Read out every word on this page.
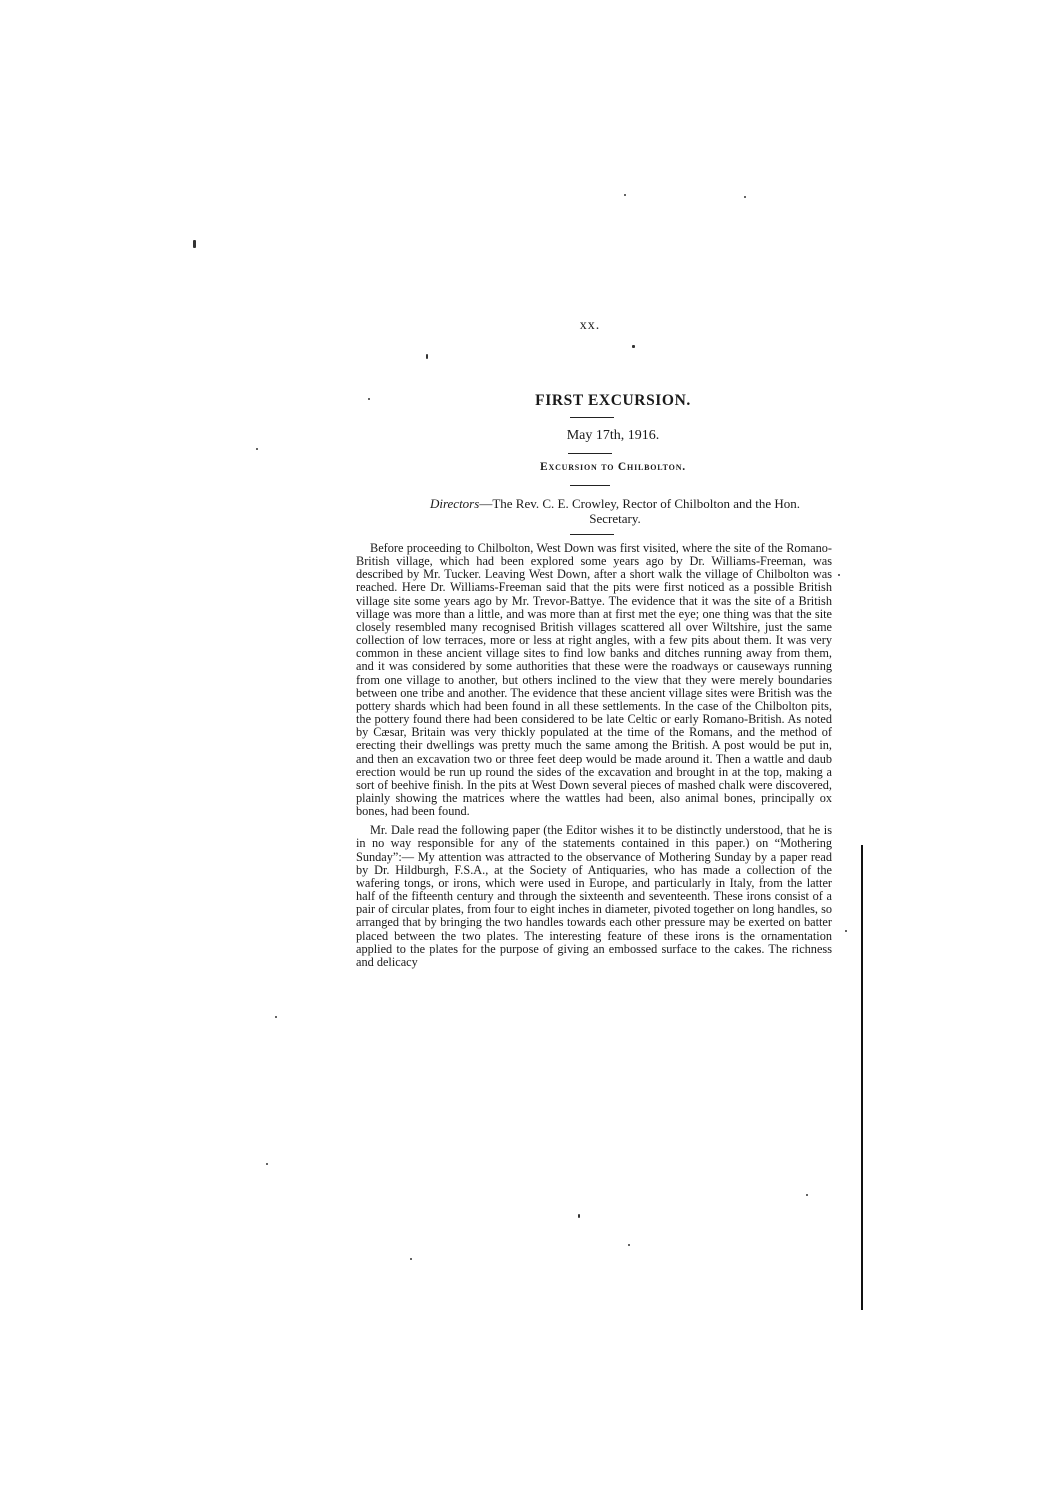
xx.
FIRST EXCURSION.
May 17th, 1916.
Excursion to Chilbolton.
Directors—The Rev. C. E. Crowley, Rector of Chilbolton and the Hon. Secretary.

Before proceeding to Chilbolton, West Down was first visited, where the site of the Romano-British village, which had been explored some years ago by Dr. Williams-Freeman, was described by Mr. Tucker. Leaving West Down, after a short walk the village of Chilbolton was reached. Here Dr. Williams-Freeman said that the pits were first noticed as a possible British village site some years ago by Mr. Trevor-Battye. The evidence that it was the site of a British village was more than a little, and was more than at first met the eye; one thing was that the site closely resembled many recognised British villages scattered all over Wiltshire, just the same collection of low terraces, more or less at right angles, with a few pits about them. It was very common in these ancient village sites to find low banks and ditches running away from them, and it was considered by some authorities that these were the roadways or causeways running from one village to another, but others inclined to the view that they were merely boundaries between one tribe and another. The evidence that these ancient village sites were British was the pottery shards which had been found in all these settlements. In the case of the Chilbolton pits, the pottery found there had been considered to be late Celtic or early Romano-British. As noted by Cæsar, Britain was very thickly populated at the time of the Romans, and the method of erecting their dwellings was pretty much the same among the British. A post would be put in, and then an excavation two or three feet deep would be made around it. Then a wattle and daub erection would be run up round the sides of the excavation and brought in at the top, making a sort of beehive finish. In the pits at West Down several pieces of mashed chalk were discovered, plainly showing the matrices where the wattles had been, also animal bones, principally ox bones, had been found.

Mr. Dale read the following paper (the Editor wishes it to be distinctly understood, that he is in no way responsible for any of the statements contained in this paper.) on “Mothering Sunday”:— My attention was attracted to the observance of Mothering Sunday by a paper read by Dr. Hildburgh, F.S.A., at the Society of Antiquaries, who has made a collection of the wafering tongs, or irons, which were used in Europe, and particularly in Italy, from the latter half of the fifteenth century and through the sixteenth and seventeenth. These irons consist of a pair of circular plates, from four to eight inches in diameter, pivoted together on long handles, so arranged that by bringing the two handles towards each other pressure may be exerted on batter placed between the two plates. The interesting feature of these irons is the ornamentation applied to the plates for the purpose of giving an embossed surface to the cakes. The richness and delicacy
